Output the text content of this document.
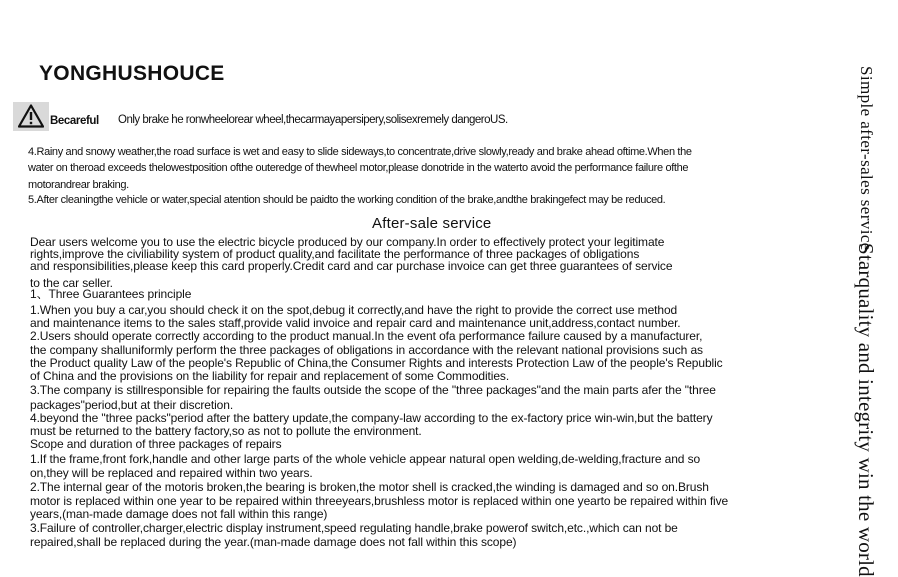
YONGHUSHOUCE
Becareful Only brake he ronwheelorear wheel,thecarmayapersipery,solisexremely dangeroUS.
4.Rainy and snowy weather,the road surface is wet and easy to slide sideways,to concentrate,drive slowly,ready and brake ahead oftime.When the
water on theroad exceeds thelowestposition ofthe outeredge of thewheel motor,please donotride in the waterto avoid the performance failure ofthe
motorandrear braking.
5.After cleaningthe vehicle or water,special atention should be paidto the working condition of the brake,andthe brakingefect may be reduced.
After-sale service
Dear users welcome you to use the electric bicycle produced by our company.In order to effectively protect your legitimate
rights,improve the civiliability system of product quality,and facilitate the performance of three packages of obligations
and responsibilities,please keep this card properly.Credit card and car purchase invoice can get three guarantees of service
to the car seller.
1、Three Guarantees principle
1.When you buy a car,you should check it on the spot,debug it correctly,and have the right to provide the correct use method
and maintenance items to the sales staff,provide valid invoice and repair card and maintenance unit,address,contact number.
2.Users should operate correctly according to the product manual.In the event ofa performance failure caused by a manufacturer,
the company shalluniformly perform the three packages of obligations in accordance with the relevant national provisions such as
the Product quality Law of the people's Republic of China,the Consumer Rights and interests Protection Law of the people's Republic
of China and the provisions on the liability for repair and replacement of some Commodities.
3.The company is stillresponsible for repairing the faults outside the scope of the "three packages"and the main parts afer the "three
packages"period,but at their discretion.
4.beyond the "three packs"period after the battery update,the company-law according to the ex-factory price win-win,but the battery
must be returned to the battery factory,so as not to pollute the environment.
Scope and duration of three packages of repairs
1.If the frame,front fork,handle and other large parts of the whole vehicle appear natural open welding,de-welding,fracture and so
on,they will be replaced and repaired within two years.
2.The internal gear of the motoris broken,the bearing is broken,the motor shell is cracked,the winding is damaged and so on.Brush
motor is replaced within one year to be repaired within threeyears,brushless motor is replaced within one yearto be repaired within five
years,(man-made damage does not fall within this range)
3.Failure of controller,charger,electric display instrument,speed regulating handle,brake powerof switch,etc.,which can not be
repaired,shall be replaced during the year.(man-made damage does not fall within this scope)
Simple after-sales service
Starquality and integrity win the world
